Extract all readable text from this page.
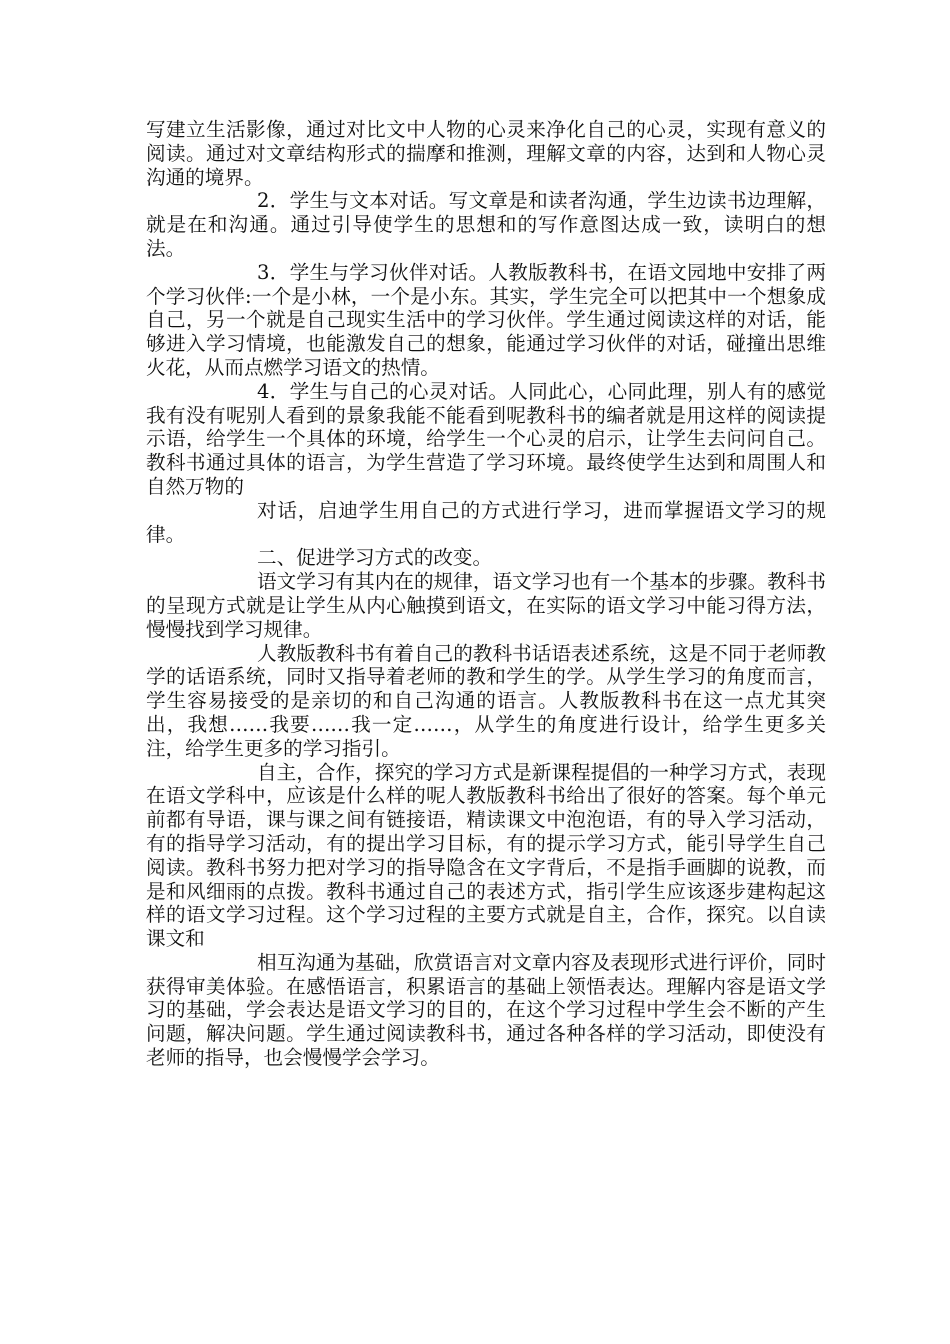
写建立生活影像，通过对比文中人物的心灵来净化自己的心灵，实现有意义的阅读。通过对文章结构形式的揣摩和推测，理解文章的内容，达到和人物心灵沟通的境界。

2．学生与文本对话。写文章是和读者沟通，学生边读书边理解，就是在和沟通。通过引导使学生的思想和的写作意图达成一致，读明白的想法。

3．学生与学习伙伴对话。人教版教科书，在语文园地中安排了两个学习伙伴:一个是小林，一个是小东。其实，学生完全可以把其中一个想象成自己，另一个就是自己现实生活中的学习伙伴。学生通过阅读这样的对话，能够进入学习情境，也能激发自己的想象，能通过学习伙伴的对话，碰撞出思维火花，从而点燃学习语文的热情。

4．学生与自己的心灵对话。人同此心，心同此理，别人有的感觉我有没有呢别人看到的景象我能不能看到呢教科书的编者就是用这样的阅读提示语，给学生一个具体的环境，给学生一个心灵的启示，让学生去问问自己。教科书通过具体的语言，为学生营造了学习环境。最终使学生达到和周围人和自然万物的

对话，启迪学生用自己的方式进行学习，进而掌握语文学习的规律。

二、促进学习方式的改变。

语文学习有其内在的规律，语文学习也有一个基本的步骤。教科书的呈现方式就是让学生从内心触摸到语文，在实际的语文学习中能习得方法，慢慢找到学习规律。

人教版教科书有着自己的教科书话语表述系统，这是不同于老师教学的话语系统，同时又指导着老师的教和学生的学。从学生学习的角度而言，学生容易接受的是亲切的和自己沟通的语言。人教版教科书在这一点尤其突出，我想……我要……我一定……，从学生的角度进行设计，给学生更多关注，给学生更多的学习指引。

自主，合作，探究的学习方式是新课程提倡的一种学习方式，表现在语文学科中，应该是什么样的呢人教版教科书给出了很好的答案。每个单元前都有导语，课与课之间有链接语，精读课文中泡泡语，有的导入学习活动，有的指导学习活动，有的提出学习目标，有的提示学习方式，能引导学生自己阅读。教科书努力把对学习的指导隐含在文字背后，不是指手画脚的说教，而是和风细雨的点拨。教科书通过自己的表述方式，指引学生应该逐步建构起这样的语文学习过程。这个学习过程的主要方式就是自主，合作，探究。以自读课文和

相互沟通为基础，欣赏语言对文章内容及表现形式进行评价，同时获得审美体验。在感悟语言，积累语言的基础上领悟表达。理解内容是语文学习的基础，学会表达是语文学习的目的，在这个学习过程中学生会不断的产生问题，解决问题。学生通过阅读教科书，通过各种各样的学习活动，即使没有老师的指导，也会慢慢学会学习。
